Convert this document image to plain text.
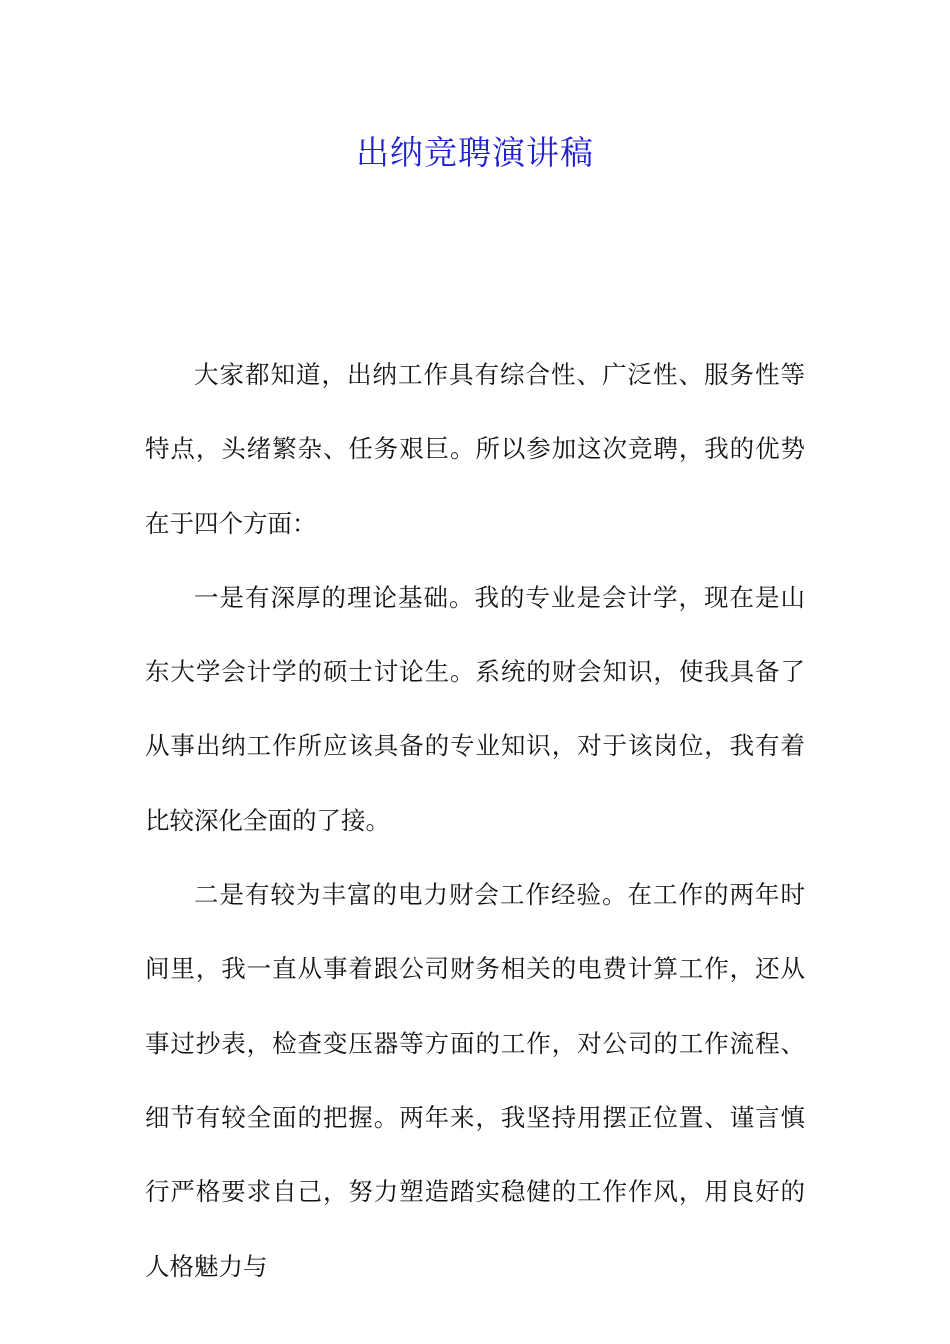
出纳竞聘演讲稿

大家都知道，出纳工作具有综合性、广泛性、服务性等特点，头绪繁杂、任务艰巨。所以参加这次竞聘，我的优势在于四个方面：

一是有深厚的理论基础。我的专业是会计学，现在是山东大学会计学的硕士讨论生。系统的财会知识，使我具备了从事出纳工作所应该具备的专业知识，对于该岗位，我有着比较深化全面的了接。

二是有较为丰富的电力财会工作经验。在工作的两年时间里，我一直从事着跟公司财务相关的电费计算工作，还从事过抄表，检查变压器等方面的工作，对公司的工作流程、细节有较全面的把握。两年来，我坚持用摆正位置、谨言慎行严格要求自己，努力塑造踏实稳健的工作作风，用良好的人格魅力与
